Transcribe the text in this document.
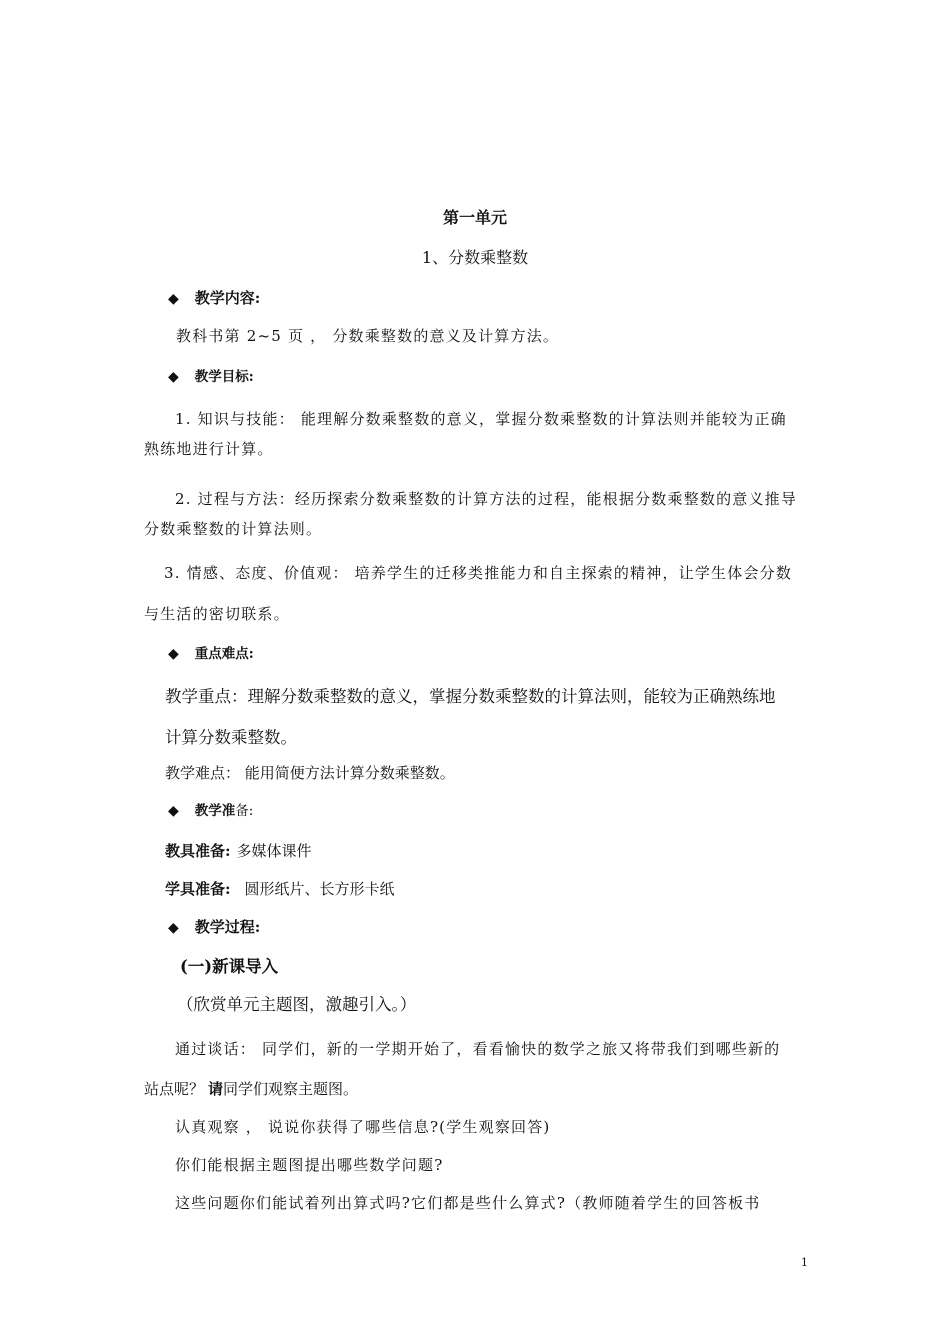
第一单元
1、分数乘整数
◆ 教学内容:
教科书第 2~5 页 ， 分数乘整数的意义及计算方法。
◆ 教学目标:
1. 知识与技能： 能理解分数乘整数的意义，掌握分数乘整数的计算法则并能较为正确
熟练地进行计算。
2. 过程与方法：经历探索分数乘整数的计算方法的过程，能根据分数乘整数的意义推导
分数乘整数的计算法则。
3. 情感、态度、价值观： 培养学生的迁移类推能力和自主探索的精神，让学生体会分数
与生活的密切联系。
◆ 重点难点:
教学重点：理解分数乘整数的意义，掌握分数乘整数的计算法则，能较为正确熟练地
计算分数乘整数。
教学难点： 能用简便方法计算分数乘整数。
◆ 教学准备:
教具准备: 多媒体课件
学具准备: 圆形纸片、长方形卡纸
◆ 教学过程:
(一)新课导入
（欣赏单元主题图，激趣引入。）
通过谈话： 同学们，新的一学期开始了，看看愉快的数学之旅又将带我们到哪些新的
站点呢？ 请同学们观察主题图。
认真观察 ， 说说你获得了哪些信息?(学生观察回答)
你们能根据主题图提出哪些数学问题?
这些问题你们能试着列出算式吗?它们都是些什么算式?（教师随着学生的回答板书
1
